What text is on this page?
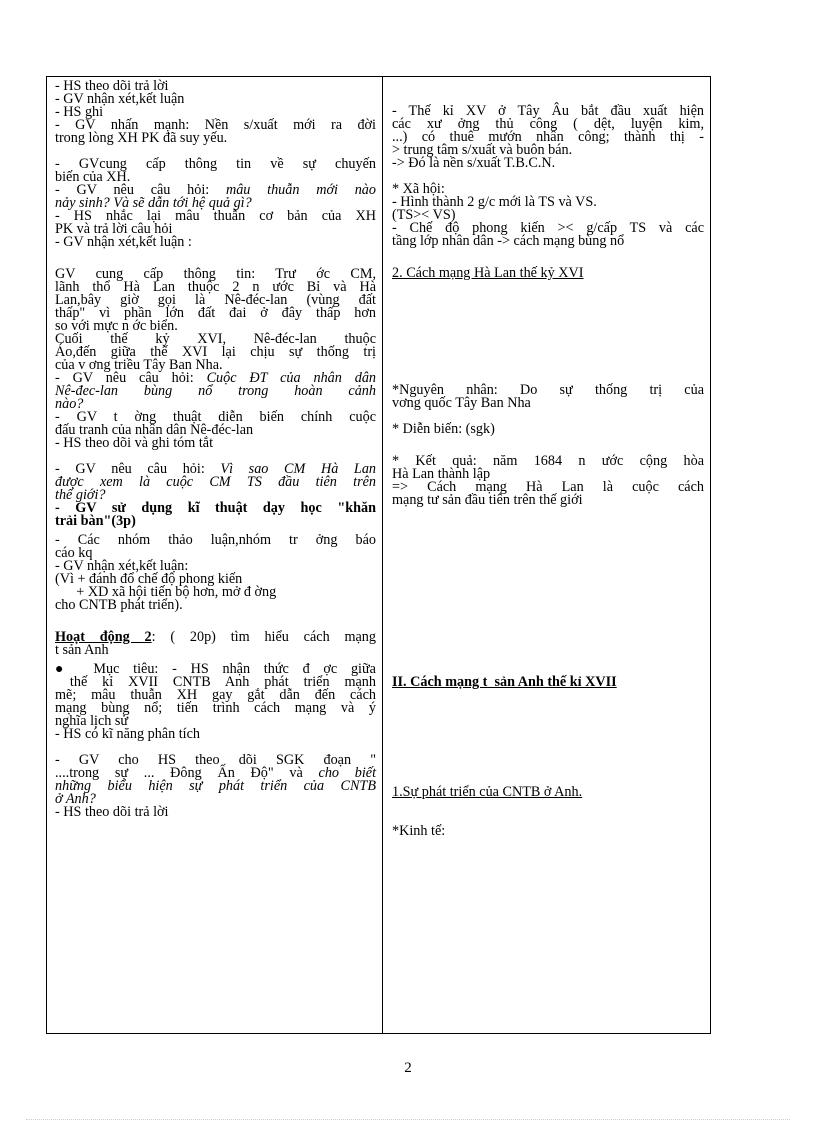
- HS theo dõi trả lời
- GV nhận xét,kết luận
- HS ghi
- GV nhấn mạnh: Nền s/xuất mới ra đời
trong lòng XH PK đã suy yếu.
- GVcung cấp thông tin về sự chuyến
biến của XH.
- GV nêu câu hỏi: mâu thuẫn mới nào
nảy sinh? Và sẽ dẫn tới hệ quả gì?
- HS nhắc lại mâu thuẫn cơ bản của XH
PK và trả lời câu hỏi
- GV nhận xét,kết luận :
GV cung cấp thông tin: Trư ớc CM,
lãnh thổ Hà Lan thuộc 2 n ước Bỉ và Hà
Lan,bây giờ gọi là Nê-đéc-lan (vùng đất
thấp" vì phần lớn đất đai ở đây thấp hơn
so với mực n ớc biển.
Cuối thế kỷ XVI, Nê-đéc-lan thuộc
Áo,đến giữa thế XVI lại chịu sự thống trị
của v ơng triều Tây Ban Nha.
- GV nêu câu hỏi: Cuộc ĐT của nhân dân
Nê-đec-lan bùng nổ trong hoàn cảnh
nào?
- GV t ờng thuật diễn biến chính cuộc
đấu tranh của nhân dân Nê-đéc-lan
- HS theo dõi và ghi tóm tắt
- GV nêu câu hỏi: Vì sao CM Hà Lan
được xem là cuộc CM TS đầu tiên trên
thế giới?
- GV sử dụng kĩ thuật dạy học "khăn
trải bàn"(3p)
- Các nhóm thảo luận,nhóm tr ởng báo
cáo kq
- GV nhận xét,kết luận:
(Vì + đánh đổ chế độ phong kiến
+ XD xã hội tiến bộ hơn, mở đ ờng
cho CNTB phát triển).
Hoạt động 2: ( 20p) tìm hiểu cách mạng
t sản Anh
● Mục tiêu: - HS nhận thức đ ợc giữa
thế kỉ XVII CNTB Anh phát triển mạnh
mẽ; mâu thuẫn XH gay gắt dẫn đến cách
mạng bùng nổ; tiến trình cách mạng và ý
nghĩa lịch sử
- HS có kĩ năng phân tích
- GV cho HS theo dõi SGK đoạn "
....trong sự ... Đông Ấn Độ" và cho biết
những biểu hiện sự phát triển của CNTB
ở Anh?
- HS theo dõi trả lời
- Thế kỉ XV ở Tây Âu bắt đầu xuất hiện
các xư ởng thủ công ( dệt, luyện kim,
...) có thuê mướn nhân công; thành thị -
> trung tâm s/xuất và buôn bán.
-> Đó là nền s/xuất T.B.C.N.
* Xã hội:
- Hình thành 2 g/c mới là TS và VS.
(TS>< VS)
- Chế độ phong kiến >< g/cấp TS và các
tầng lớp nhân dân -> cách mạng bùng nổ
2. Cách mạng Hà Lan thế kỷ XVI
*Nguyên nhân: Do sự thống trị của
vơng quốc Tây Ban Nha
* Diễn biến: (sgk)
* Kết quả: năm 1684 n ước cộng hòa
Hà Lan thành lập
=> Cách mạng Hà Lan là cuộc cách
mạng tư sản đầu tiên trên thế giới
II. Cách mạng t  sản Anh thế kỉ XVII
1.Sự phát triển của CNTB ở Anh.
*Kinh tế:
2
